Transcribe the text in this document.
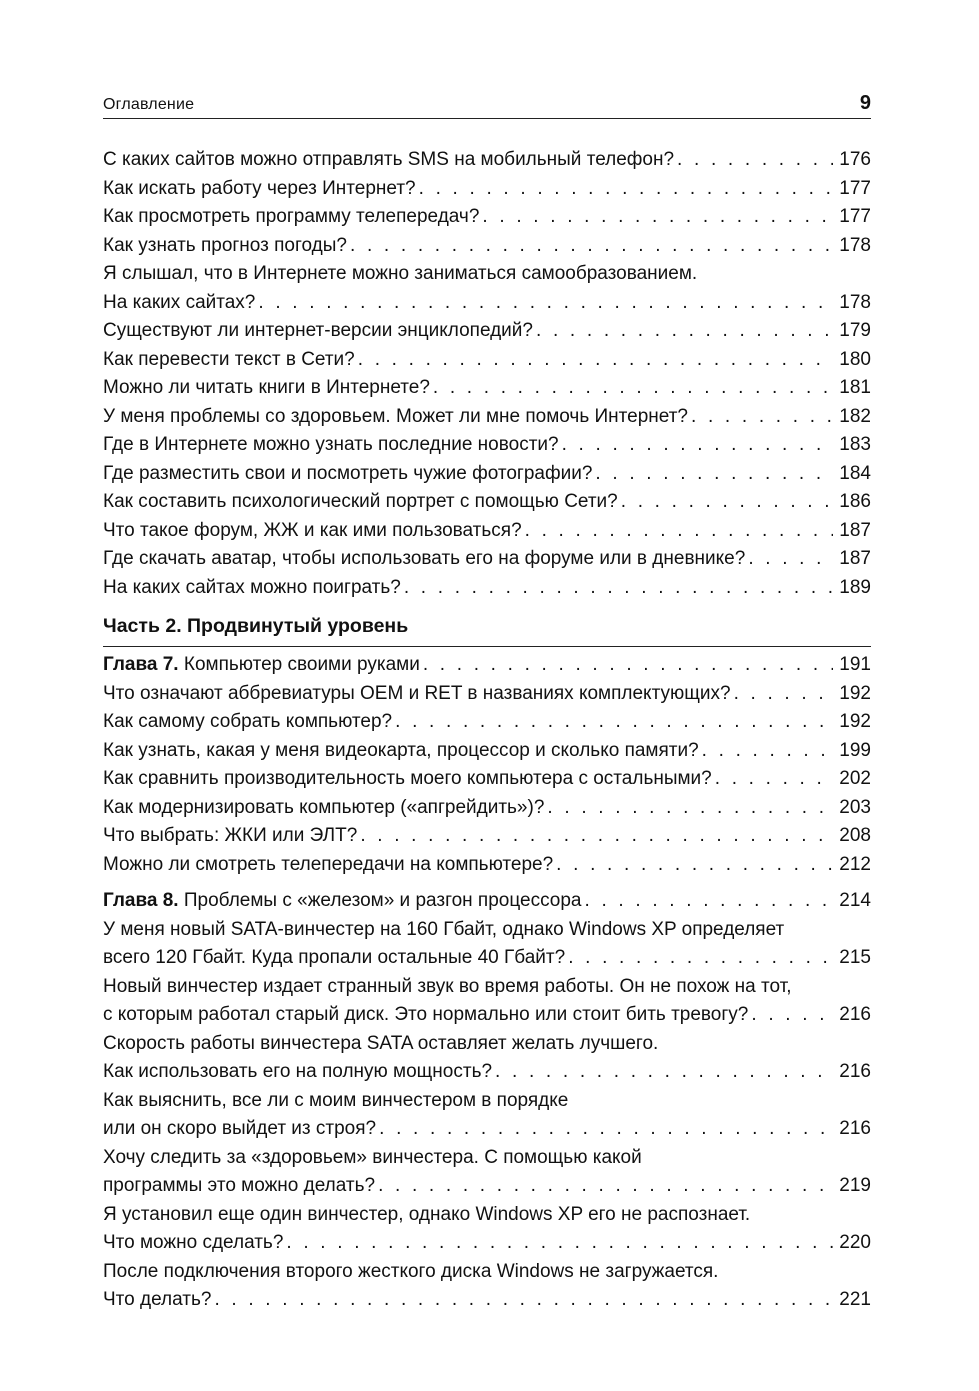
Оглавление	9
С каких сайтов можно отправлять SMS на мобильный телефон? . . .	176
Как искать работу через Интернет? . . .	177
Как просмотреть программу телепередач? . . .	177
Как узнать прогноз погоды? . . .	178
Я слышал, что в Интернете можно заниматься самообразованием.
На каких сайтах? . . .	178
Существуют ли интернет-версии энциклопедий? . . .	179
Как перевести текст в Сети? . . .	180
Можно ли читать книги в Интернете? . . .	181
У меня проблемы со здоровьем. Может ли мне помочь Интернет? . . .	182
Где в Интернете можно узнать последние новости? . . .	183
Где разместить свои и посмотреть чужие фотографии? . . .	184
Как составить психологический портрет с помощью Сети? . . .	186
Что такое форум, ЖЖ и как ими пользоваться? . . .	187
Где скачать аватар, чтобы использовать его на форуме или в дневнике? . . .	187
На каких сайтах можно поиграть? . . .	189
Часть 2. Продвинутый уровень
Глава 7. Компьютер своими руками . . .	191
Что означают аббревиатуры OEM и RET в названиях комплектующих? . . .	192
Как самому собрать компьютер? . . .	192
Как узнать, какая у меня видеокарта, процессор и сколько памяти? . . .	199
Как сравнить производительность моего компьютера с остальными? . . .	202
Как модернизировать компьютер («апгрейдить»)? . . .	203
Что выбрать: ЖКИ или ЭЛТ? . . .	208
Можно ли смотреть телепередачи на компьютере? . . .	212
Глава 8. Проблемы с «железом» и разгон процессора . . .	214
У меня новый SATA-винчестер на 160 Гбайт, однако Windows XP определяет
всего 120 Гбайт. Куда пропали остальные 40 Гбайт? . . .	215
Новый винчестер издает странный звук во время работы. Он не похож на тот,
с которым работал старый диск. Это нормально или стоит бить тревогу? . . .	216
Скорость работы винчестера SATA оставляет желать лучшего.
Как использовать его на полную мощность? . . .	216
Как выяснить, все ли с моим винчестером в порядке
или он скоро выйдет из строя? . . .	216
Хочу следить за «здоровьем» винчестера. С помощью какой
программы это можно делать? . . .	219
Я установил еще один винчестер, однако Windows XP его не распознает.
Что можно сделать? . . .	220
После подключения второго жесткого диска Windows не загружается.
Что делать? . . .	221
